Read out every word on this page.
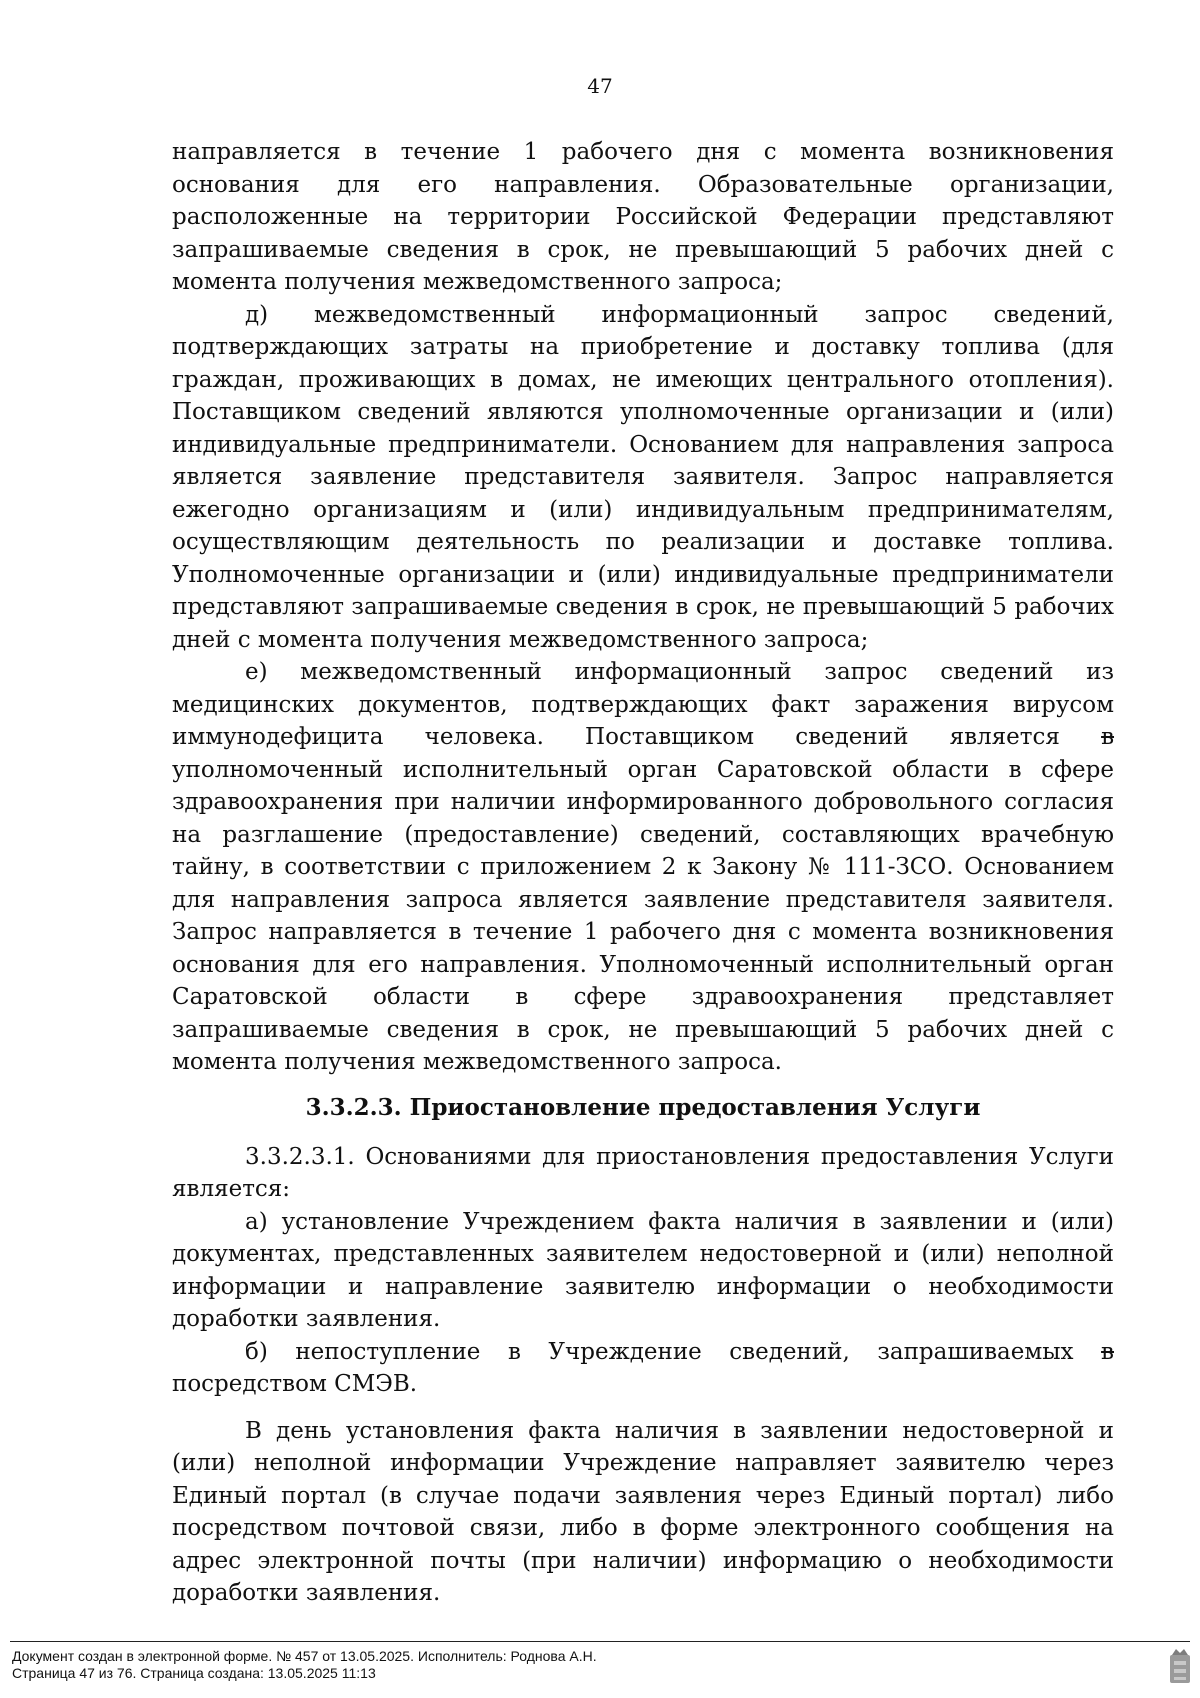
47

направляется в течение 1 рабочего дня с момента возникновения основания для его направления. Образовательные организации, расположенные на территории Российской Федерации представляют запрашиваемые сведения в срок, не превышающий 5 рабочих дней с момента получения межведомственного запроса;

д) межведомственный информационный запрос сведений, подтверждающих затраты на приобретение и доставку топлива (для граждан, проживающих в домах, не имеющих центрального отопления). Поставщиком сведений являются уполномоченные организации и (или) индивидуальные предприниматели. Основанием для направления запроса является заявление представителя заявителя. Запрос направляется ежегодно организациям и (или) индивидуальным предпринимателям, осуществляющим деятельность по реализации и доставке топлива. Уполномоченные организации и (или) индивидуальные предприниматели представляют запрашиваемые сведения в срок, не превышающий 5 рабочих дней с момента получения межведомственного запроса;

е) межведомственный информационный запрос сведений из медицинских документов, подтверждающих факт заражения вирусом иммунодефицита человека. Поставщиком сведений является в уполномоченный исполнительный орган Саратовской области в сфере здравоохранения при наличии информированного добровольного согласия на разглашение (предоставление) сведений, составляющих врачебную тайну, в соответствии с приложением 2 к Закону № 111-ЗСО. Основанием для направления запроса является заявление представителя заявителя. Запрос направляется в течение 1 рабочего дня с момента возникновения основания для его направления. Уполномоченный исполнительный орган Саратовской области в сфере здравоохранения представляет запрашиваемые сведения в срок, не превышающий 5 рабочих дней с момента получения межведомственного запроса.

3.3.2.3. Приостановление предоставления Услуги

3.3.2.3.1. Основаниями для приостановления предоставления Услуги является:

а) установление Учреждением факта наличия в заявлении и (или) документах, представленных заявителем недостоверной и (или) неполной информации и направление заявителю информации о необходимости доработки заявления.

б) непоступление в Учреждение сведений, запрашиваемых в посредством СМЭВ.

В день установления факта наличия в заявлении недостоверной и (или) неполной информации Учреждение направляет заявителю через Единый портал (в случае подачи заявления через Единый портал) либо посредством почтовой связи, либо в форме электронного сообщения на адрес электронной почты (при наличии) информацию о необходимости доработки заявления.

Документ создан в электронной форме. № 457 от 13.05.2025. Исполнитель: Роднова А.Н.
Страница 47 из 76. Страница создана: 13.05.2025 11:13
